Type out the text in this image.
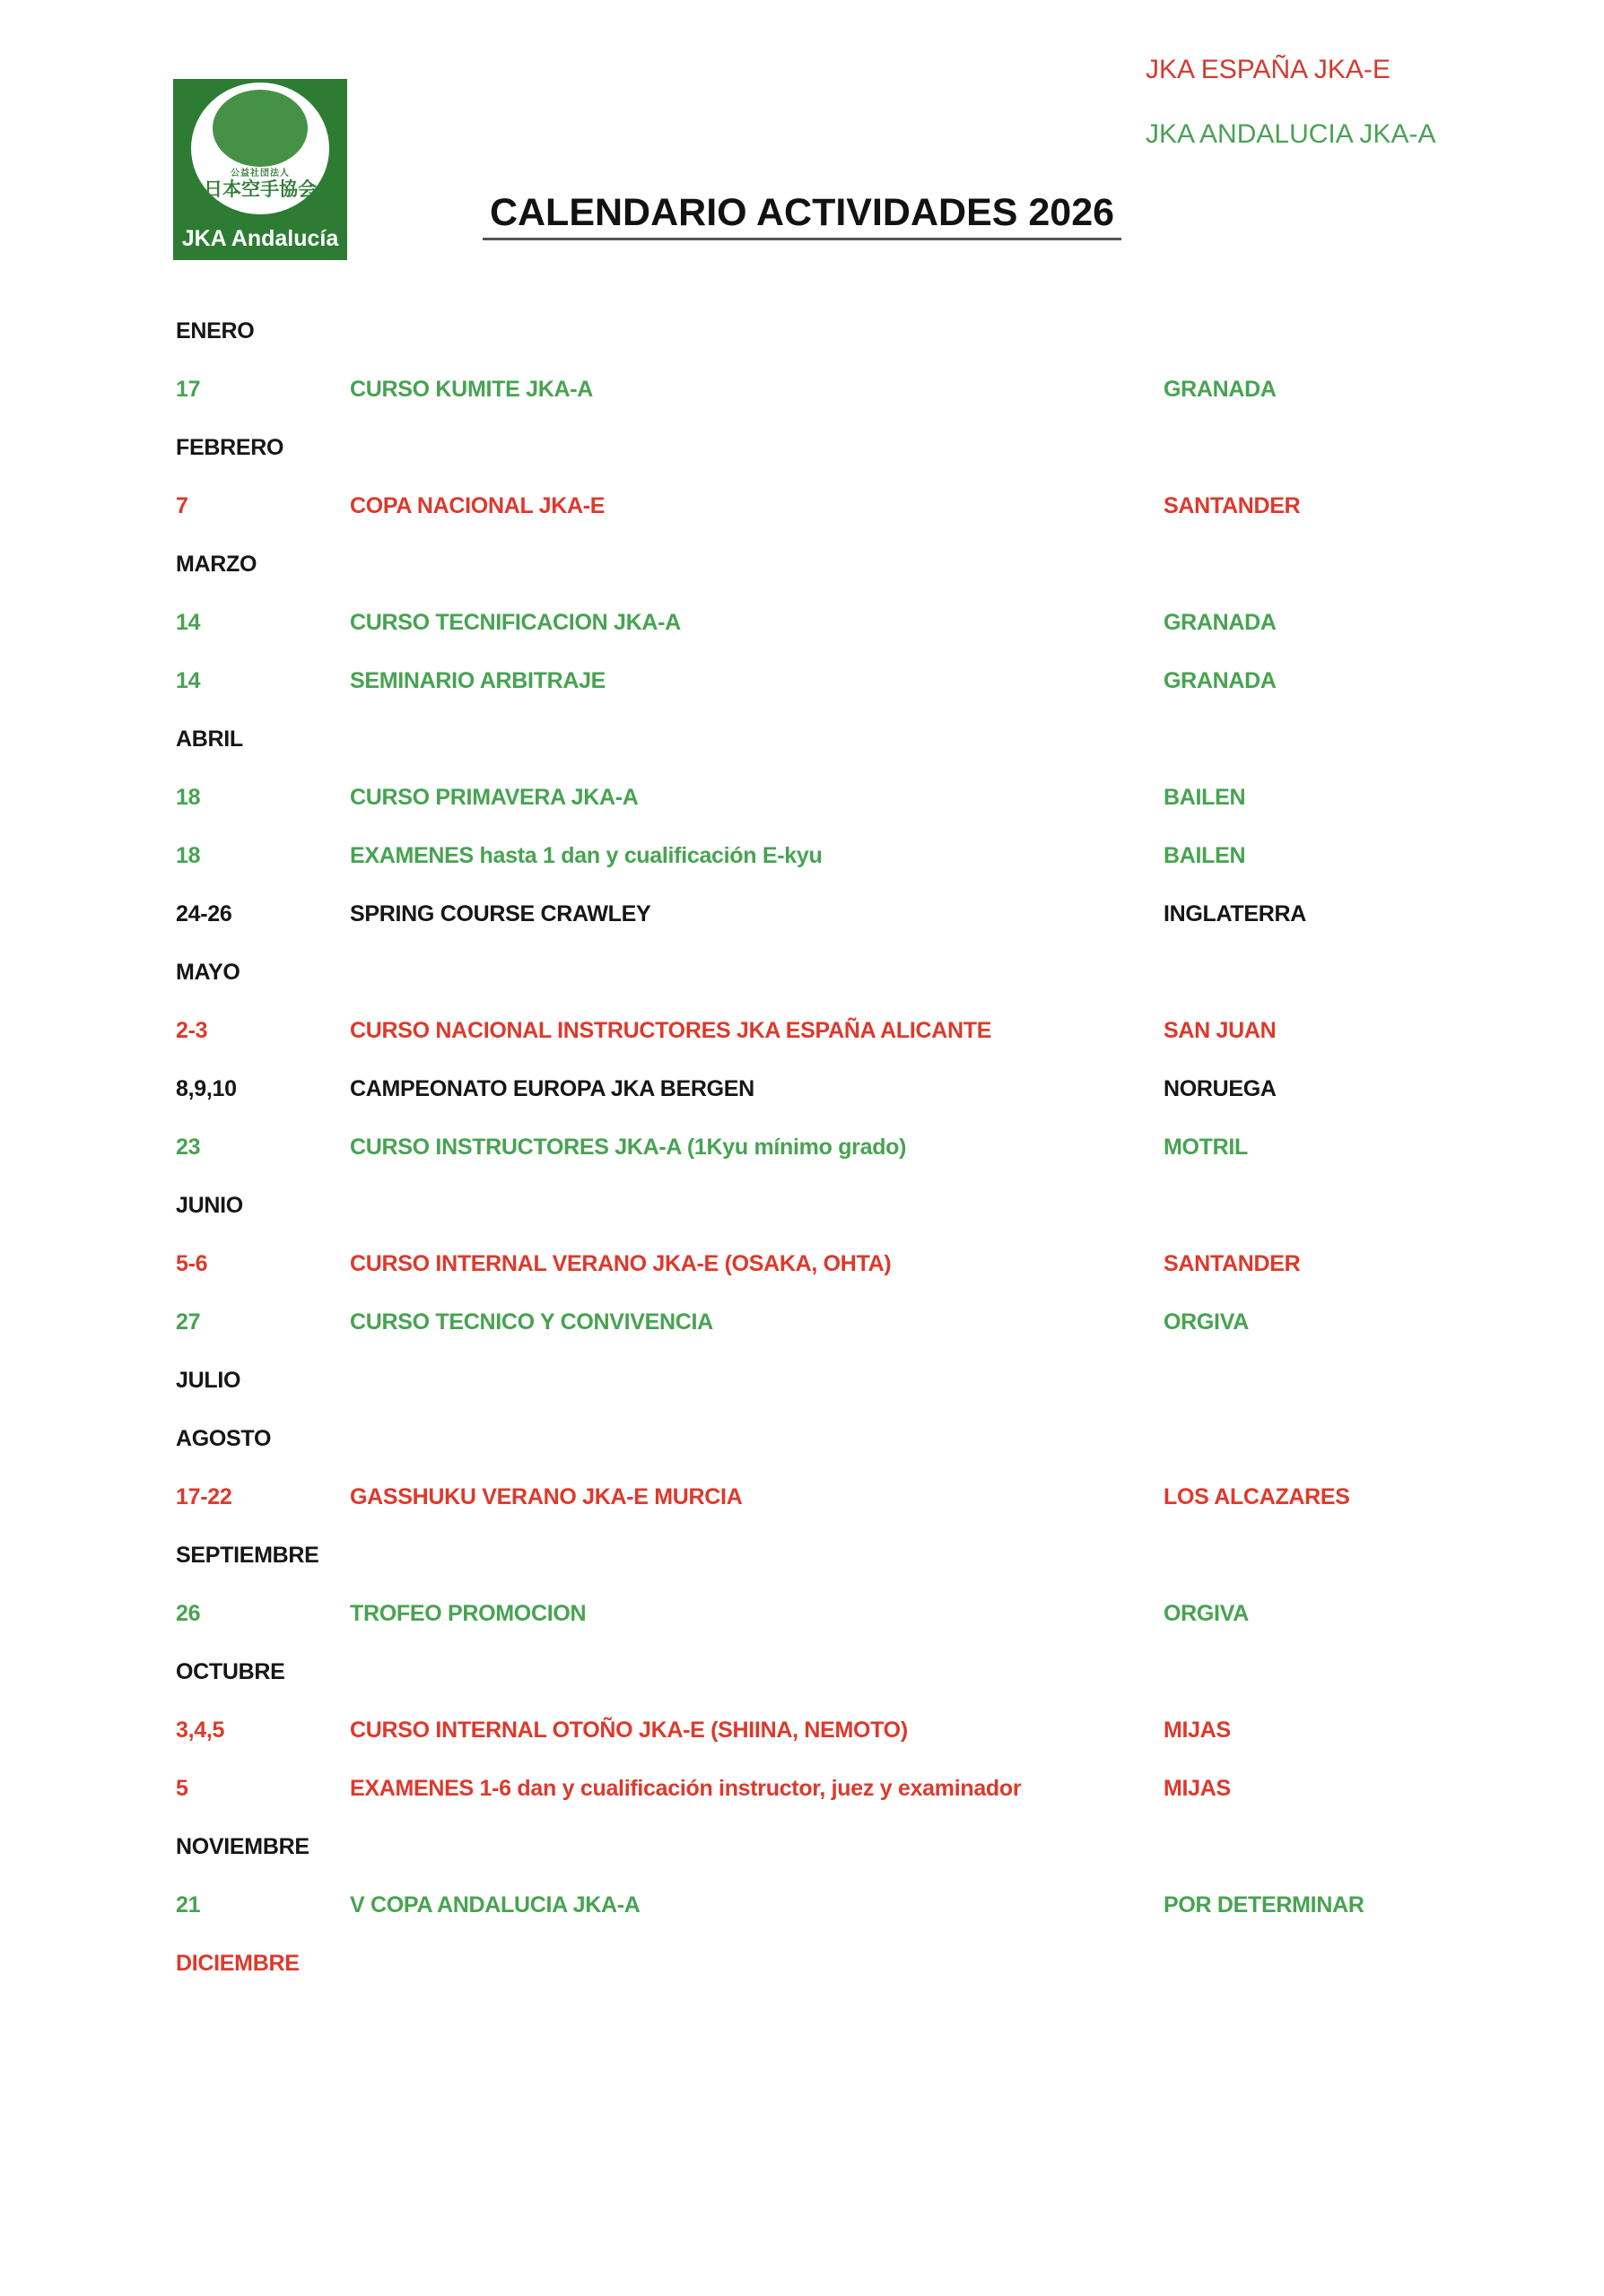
公益社団法人
日本空手協会
JKA Andalucía
JKA ESPAÑA JKA-E
JKA ANDALUCIA JKA-A
CALENDARIO ACTIVIDADES 2026
ENERO
17	CURSO KUMITE JKA-A	GRANADA
FEBRERO
7	COPA NACIONAL JKA-E	SANTANDER
MARZO
14	CURSO TECNIFICACION JKA-A	GRANADA
14	SEMINARIO ARBITRAJE	GRANADA
ABRIL
18	CURSO PRIMAVERA JKA-A	BAILEN
18	EXAMENES hasta 1 dan y cualificación E-kyu	BAILEN
24-26	SPRING COURSE CRAWLEY	INGLATERRA
MAYO
2-3	CURSO NACIONAL INSTRUCTORES JKA ESPAÑA ALICANTE	SAN JUAN
8,9,10	CAMPEONATO EUROPA JKA BERGEN	NORUEGA
23	CURSO INSTRUCTORES JKA-A (1Kyu mínimo grado)	MOTRIL
JUNIO
5-6	CURSO INTERNAL VERANO JKA-E (OSAKA, OHTA)	SANTANDER
27	CURSO TECNICO Y CONVIVENCIA	ORGIVA
JULIO
AGOSTO
17-22	GASSHUKU VERANO JKA-E MURCIA	LOS ALCAZARES
SEPTIEMBRE
26	TROFEO PROMOCION	ORGIVA
OCTUBRE
3,4,5	CURSO INTERNAL OTOÑO JKA-E (SHIINA, NEMOTO)	MIJAS
5	EXAMENES 1-6 dan y cualificación instructor, juez y examinador	MIJAS
NOVIEMBRE
21	V COPA ANDALUCIA JKA-A	POR DETERMINAR
DICIEMBRE
